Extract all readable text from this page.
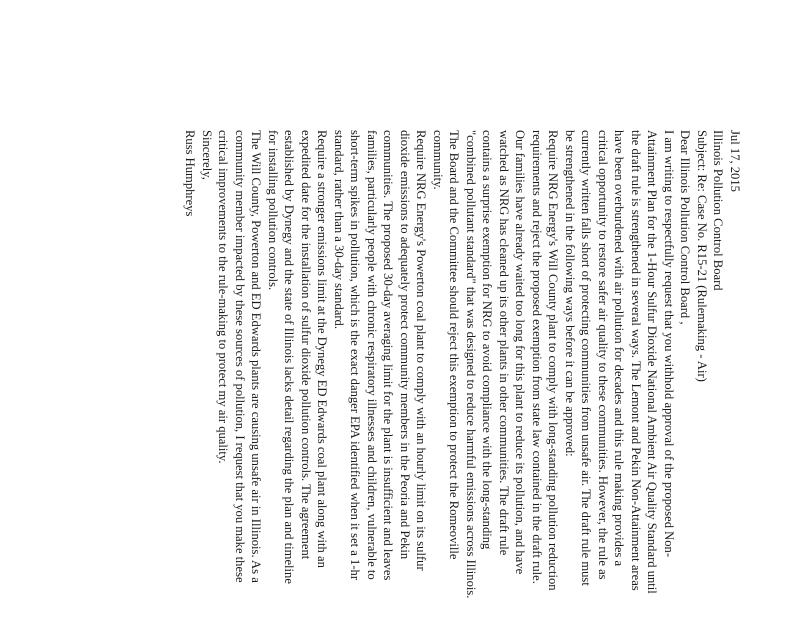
Jul 17, 2015

Illinois Pollution Control Board

Subject: Re: Case No. R15-21 (Rulemaking - Air)

Dear Illinois Pollution Control Board ,

I am writing to respectfully request that you withhold approval of the proposed Non-Attainment Plan for the 1-Hour Sulfur Dioxide National Ambient Air Quality Standard until the draft rule is strengthened in several ways. The Lemont and Pekin Non-Attainment areas have been overburdened with air pollution for decades and this rule making provides a critical opportunity to restore safer air quality to these communities. However, the rule as currently written falls short of protecting communities from unsafe air. The draft rule must be strengthened in the following ways before it can be approved:

Require NRG Energy's Will County plant to comply with long-standing pollution reduction requirements and reject the proposed exemption from state law contained in the draft rule. Our families have already waited too long for this plant to reduce its pollution, and have watched as NRG has cleaned up its other plants in other communities. The draft rule contains a surprise exemption for NRG to avoid compliance with the long-standing "combined pollutant standard" that was designed to reduce harmful emissions across Illinois. The Board and the Committee should reject this exemption to protect the Romeoville community.

Require NRG Energy's Powerton coal plant to comply with an hourly limit on its sulfur dioxide emissions to adequately protect community members in the Peoria and Pekin communities. The proposed 30-day averaging limit for the plant is insufficient and leaves families, particularly people with chronic respiratory illnesses and children, vulnerable to short-term spikes in pollution, which is the exact danger EPA identified when it set a 1-hr standard, rather than a 30-day standard.

Require a stronger emissions limit at the Dynegy ED Edwards coal plant along with an expedited date for the installation of sulfur dioxide pollution controls. The agreement established by Dynegy and the state of Illinois lacks detail regarding the plan and timeline for installing pollution controls.

The Will County, Powerton and ED Edwards plants are causing unsafe air in Illinois. As a community member impacted by these sources of pollution, I request that you make these critical improvements to the rule-making to protect my air quality.

Sincerely,

Russ Humphreys
